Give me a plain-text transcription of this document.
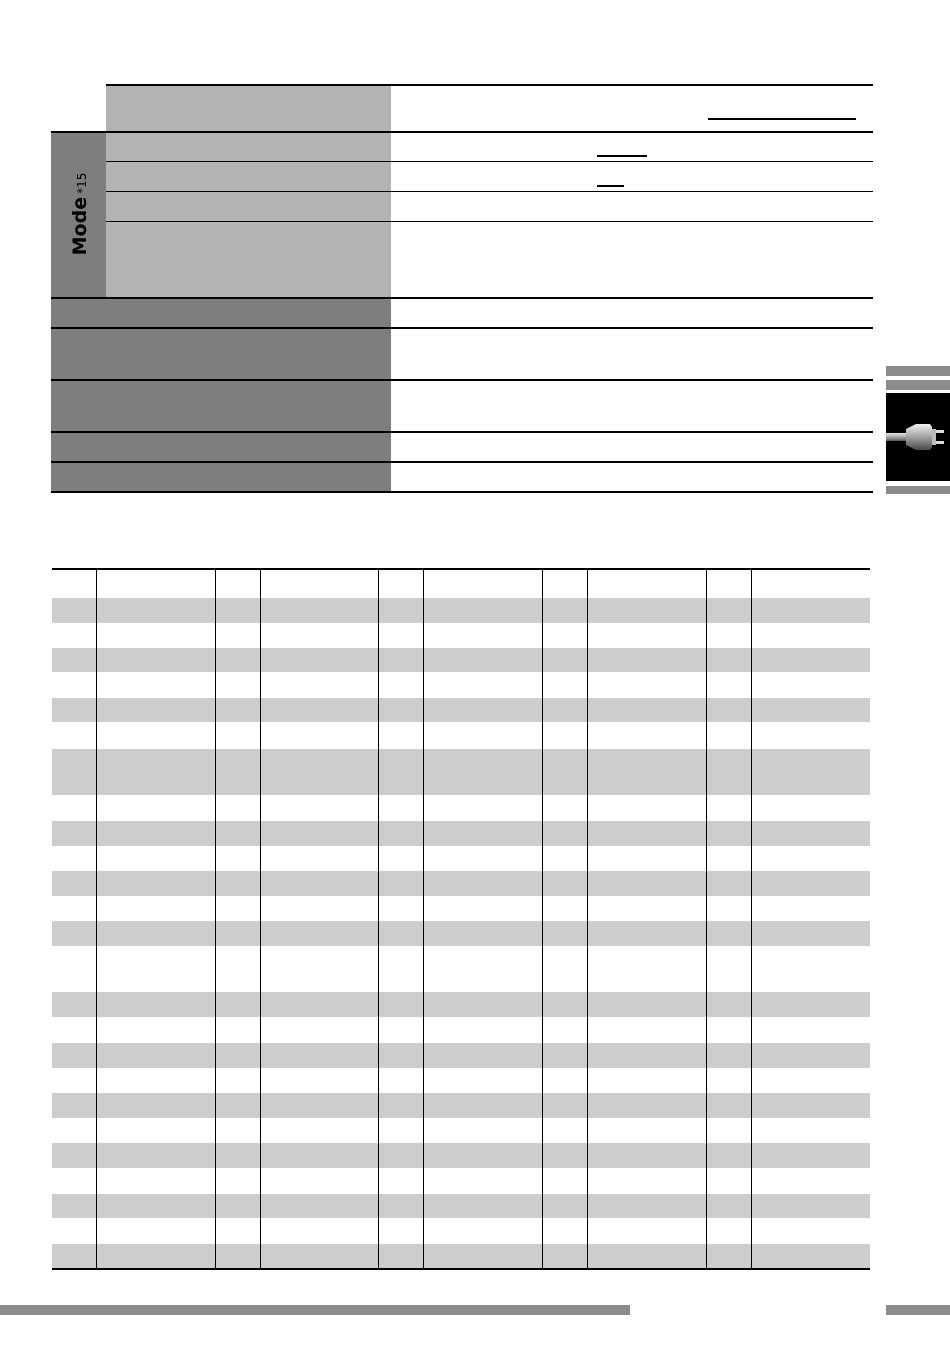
Mode*15
